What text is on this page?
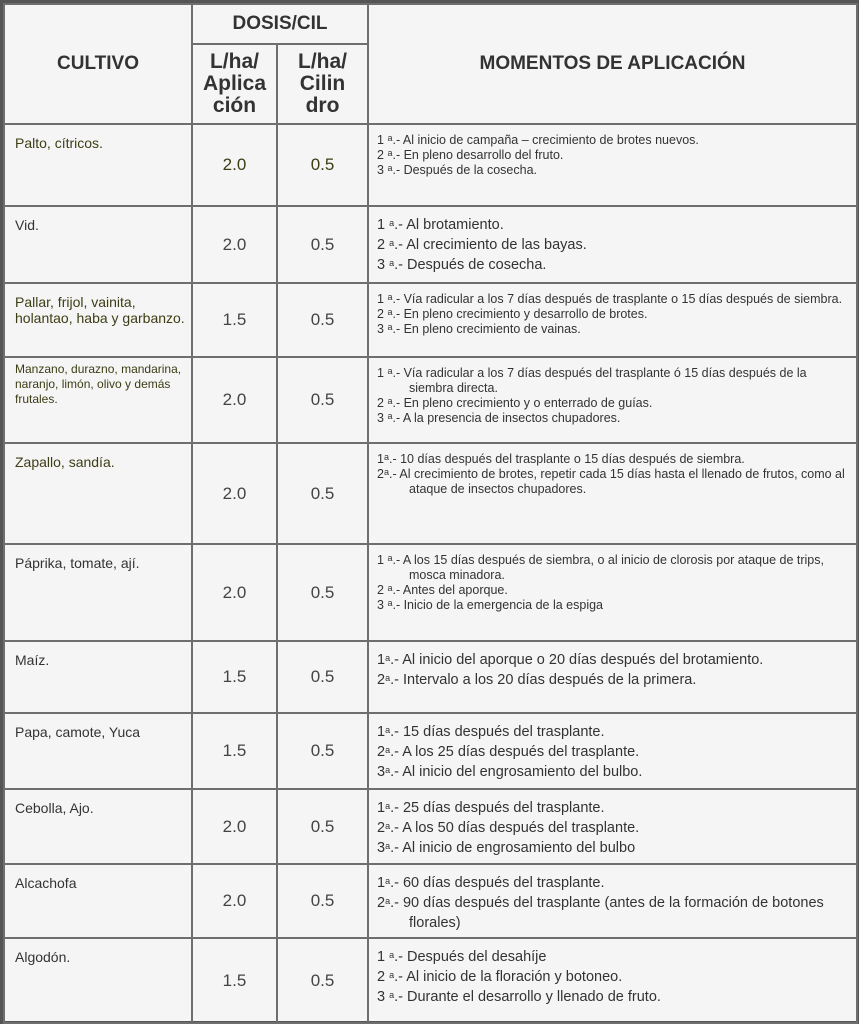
CULTIVO	DOSIS/CIL		MOMENTOS DE APLICACIÓN
	L/ha/
Aplica
ción	L/ha/
Cilin
dro	
Palto, cítricos.	2.0	0.5	1 $^a$.- Al inicio de campaña – crecimiento de brotes nuevos.
2 $^a$.- En pleno desarrollo del fruto.
3 $^a$.- Después de la cosecha.

Vid.	2.0	0.5	1 $^a$.- Al brotamiento.
2 $^a$.- Al crecimiento de las bayas.
3 $^a$.- Después de cosecha.

Pallar, frijol, vainita, holantao, haba y garbanzo.	1.5	0.5	1 $^a$.- Vía radicular a los 7 días después de trasplante o 15 días después de siembra.
2 $^a$.- En pleno crecimiento y desarrollo de brotes.
3 $^a$.- En pleno crecimiento de vainas.

Manzano, durazno, mandarina, naranjo, limón, olivo y demás frutales.	2.0	0.5	1 $^a$.- Vía radicular a los 7 días después del trasplante ó 15 días después de la siembra directa.
2 $^a$.- En pleno crecimiento y o enterrado de guías.
3 $^a$.- A la presencia de insectos chupadores.

Zapallo, sandía.	2.0	0.5	1$^a$.- 10 días después del trasplante o 15 días después de siembra.
2$^a$.- Al crecimiento de brotes, repetir cada 15 días hasta el llenado de frutos, como al ataque de insectos chupadores.

Páprika, tomate, ají.	2.0	0.5	1 $^a$.- A los 15 días después de siembra, o al inicio de clorosis por ataque de trips, mosca minadora.
2 $^a$.- Antes del aporque.
3 $^a$.- Inicio de la emergencia de la espiga

Maíz.	1.5	0.5	1$^a$.- Al inicio del aporque o 20 días después del brotamiento.
2$^a$.- Intervalo a los 20 días después de la primera.

Papa, camote, Yuca	1.5	0.5	1$^a$.- 15 días después del trasplante.
2$^a$.- A los 25 días después del trasplante.
3$^a$.- Al inicio del engrosamiento del bulbo.

Cebolla, Ajo.	2.0	0.5	1$^a$.- 25 días después del trasplante.
2$^a$.- A los 50 días después del trasplante.
3$^a$.- Al inicio de engrosamiento del bulbo

Alcachofa	2.0	0.5	1$^a$.- 60 días después del trasplante.
2$^a$.- 90 días después del trasplante (antes de la formación de botones florales)

Algodón.	1.5	0.5	1 $^a$.- Después del desahíje
2 $^a$.- Al inicio de la floración y botoneo.
3 $^a$.- Durante el desarrollo y llenado de fruto.
